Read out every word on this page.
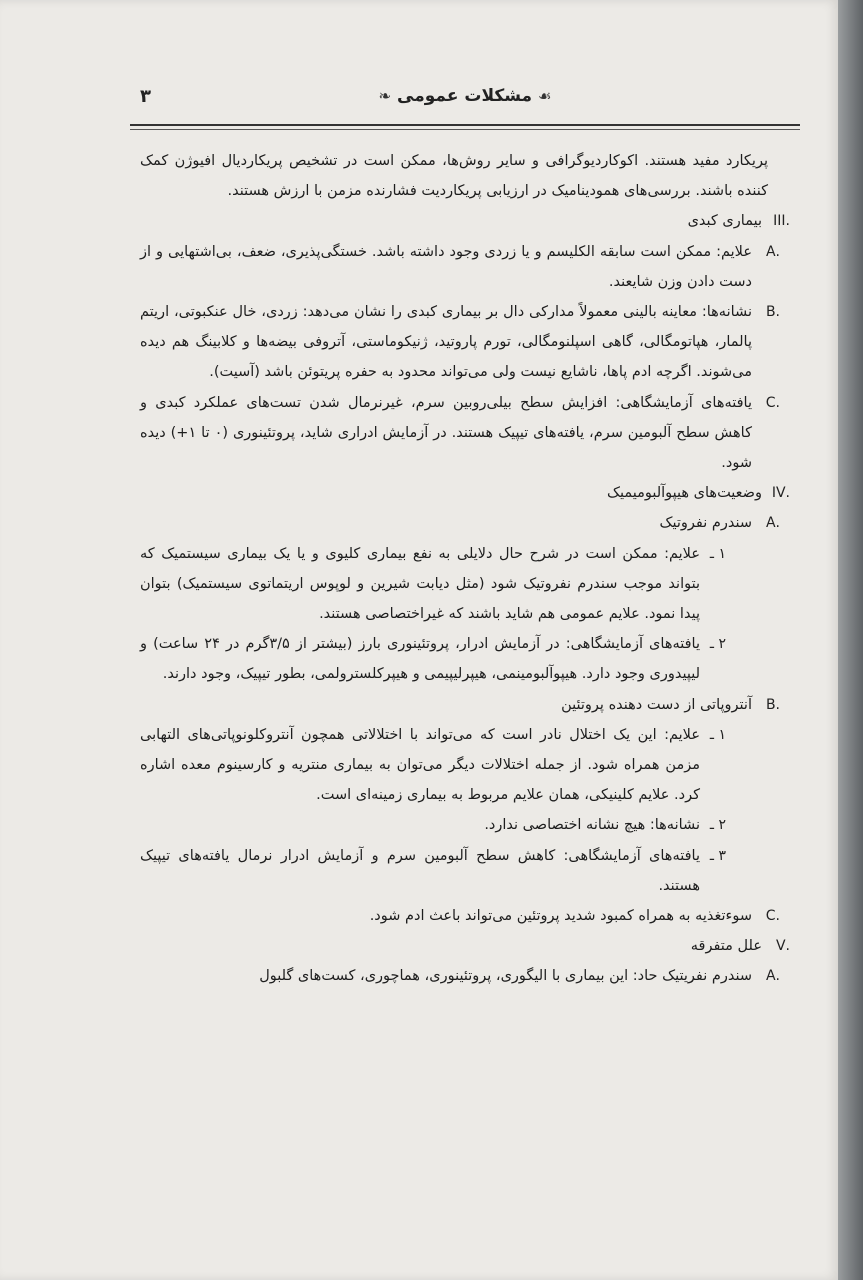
☙مشکلات عمومی❧
۳

پریکارد مفید هستند. اکوکاردیوگرافی و سایر روش‌ها، ممکن است در تشخیص پریکاردیال افیوژن کمک کننده باشند. بررسی‌های همودینامیک در ارزیابی پریکاردیت فشارنده مزمن با ارزش هستند.

.III
بیماری کبدی

.A
علایم: ممکن است سابقه الکلیسم و یا زردی وجود داشته باشد. خستگی‌پذیری، ضعف، بی‌اشتهایی و از دست دادن وزن شایعند.

.B
نشانه‌ها: معاینه بالینی معمولاً مدارکی دال بر بیماری کبدی را نشان می‌دهد: زردی، خال عنکبوتی، اریتم پالمار، هپاتومگالی، گاهی اسپلنومگالی، تورم پاروتید، ژنیکوماستی، آتروفی بیضه‌ها و کلابینگ هم دیده می‌شوند. اگرچه ادم پاها، ناشایع نیست ولی می‌تواند محدود به حفره پریتوئن باشد (آسیت).

.C
یافته‌های آزمایشگاهی: افزایش سطح بیلی‌روبین سرم، غیرنرمال شدن تست‌های عملکرد کبدی و کاهش سطح آلبومین سرم، یافته‌های تیپیک هستند. در آزمایش ادراری شاید، پروتئینوری (۰ تا ‎+۱) دیده شود.

.IV
وضعیت‌های هیپوآلبومیمیک

.A
سندرم نفروتیک

۱ ـ
علایم: ممکن است در شرح حال دلایلی به نفع بیماری کلیوی و یا یک بیماری سیستمیک که بتواند موجب سندرم نفروتیک شود (مثل دیابت شیرین و لوپوس اریتماتوی سیستمیک) بتوان پیدا نمود. علایم عمومی هم شاید باشند که غیراختصاصی هستند.

۲ ـ
یافته‌های آزمایشگاهی: در آزمایش ادرار، پروتئینوری بارز (بیشتر از ۳/۵گرم در ۲۴ ساعت) و لیپیدوری وجود دارد. هیپوآلبومینمی، هیپرلیپیمی و هیپرکلسترولمی، بطور تیپیک، وجود دارند.

.B
آنتروپاتی از دست دهنده پروتئین

۱ ـ
علایم: این یک اختلال نادر است که می‌تواند با اختلالاتی همچون آنتروکلونوپاتی‌های التهابی مزمن همراه شود. از جمله اختلالات دیگر می‌توان به بیماری منتریه و کارسینوم معده اشاره کرد. علایم کلینیکی، همان علایم مربوط به بیماری زمینه‌ای است.

۲ ـ
نشانه‌ها: هیچ نشانه اختصاصی ندارد.

۳ ـ
یافته‌های آزمایشگاهی: کاهش سطح آلبومین سرم و آزمایش ادرار نرمال یافته‌های تیپیک هستند.

.C
سوءتغذیه به همراه کمبود شدید پروتئین می‌تواند باعث ادم شود.

.V
علل متفرقه

.A
سندرم نفریتیک حاد: این بیماری با الیگوری، پروتئینوری، هماچوری، کست‌های گلبول
